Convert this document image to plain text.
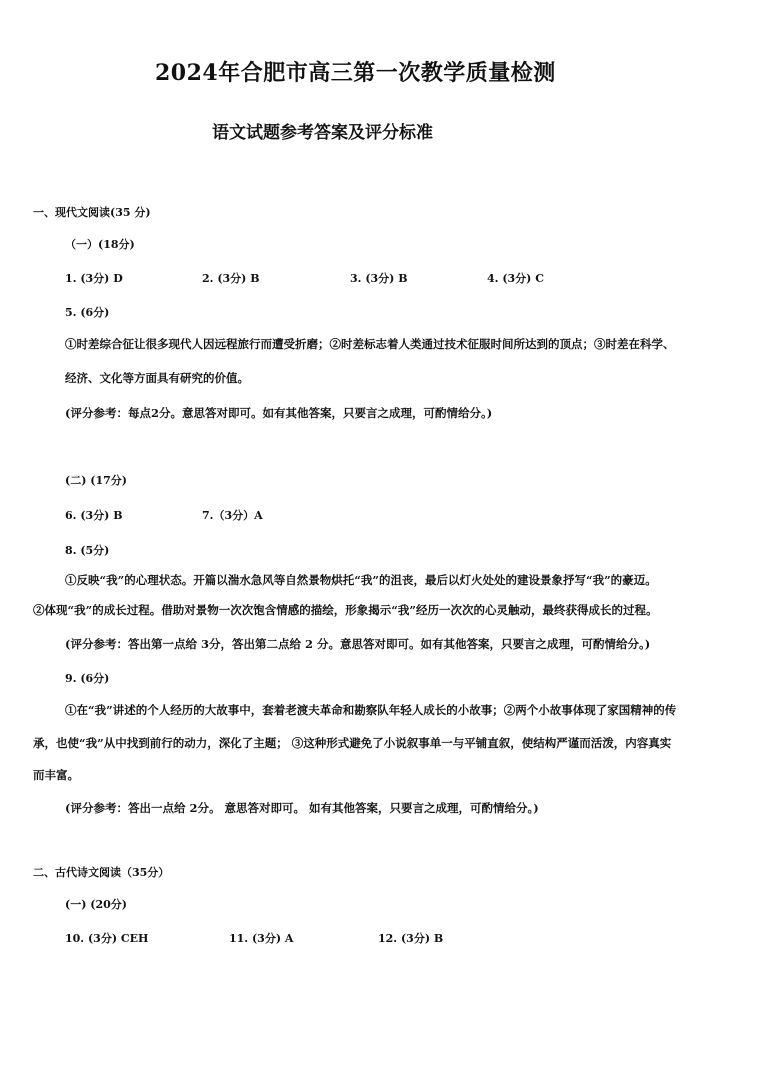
2024年合肥市高三第一次教学质量检测
语文试题参考答案及评分标准
一、现代文阅读(35 分)
（一）(18分)
1. (3分) D	2. (3分) B	3. (3分) B	4. (3分) C
5. (6分)
①时差综合征让很多现代人因远程旅行而遭受折磨；②时差标志着人类通过技术征服时间所达到的顶点；③时差在科学、
经济、文化等方面具有研究的价值。
(评分参考：每点2分。意思答对即可。如有其他答案，只要言之成理，可酌情给分。)
(二) (17分)
6. (3分) B	7.（3分）A
8. (5分)
①反映“我”的心理状态。开篇以湍水急风等自然景物烘托“我”的沮丧，最后以灯火处处的建设景象抒写“我”的豪迈。
②体现“我”的成长过程。借助对景物一次次饱含情感的描绘，形象揭示“我”经历一次次的心灵触动，最终获得成长的过程。
(评分参考：答出第一点给 3分，答出第二点给 2 分。意思答对即可。如有其他答案，只要言之成理，可酌情给分。)
9. (6分)
①在“我”讲述的个人经历的大故事中，套着老渡夫革命和勘察队年轻人成长的小故事；②两个小故事体现了家国精神的传
承，也使“我”从中找到前行的动力，深化了主题； ③这种形式避免了小说叙事单一与平铺直叙，使结构严谨而活泼，内容真实
而丰富。
(评分参考：答出一点给 2分。 意思答对即可。 如有其他答案，只要言之成理，可酌情给分。)
二、古代诗文阅读（35分）
(一) (20分)
10. (3分) CEH	11. (3分) A	12. (3分) B
